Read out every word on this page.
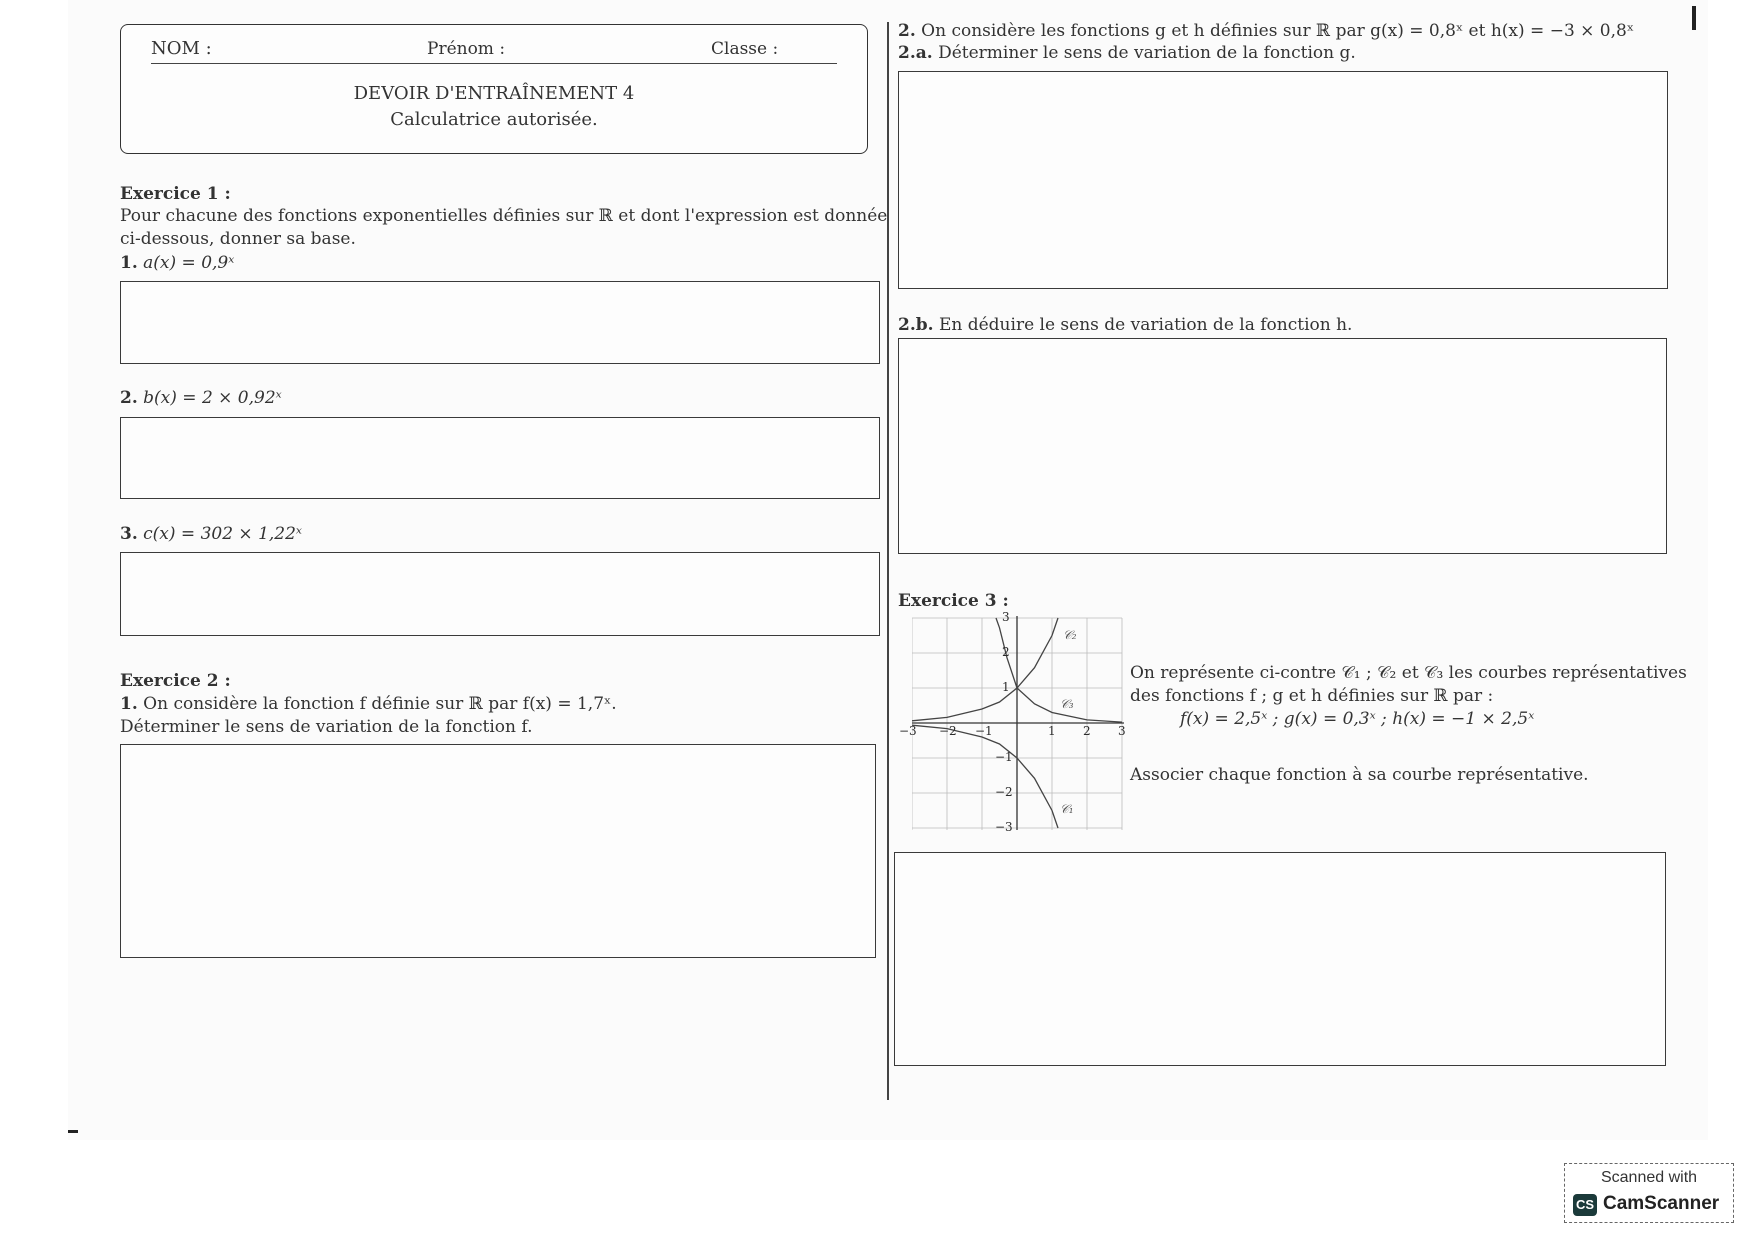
NOM :	Prénom :	Classe :
DEVOIR D'ENTRAÎNEMENT 4
Calculatrice autorisée.
Exercice 1 :
Pour chacune des fonctions exponentielles définies sur ℝ et dont l'expression est donnée
ci-dessous, donner sa base.
1. a(x) = 0,9ˣ
2. b(x) = 2 × 0,92ˣ
3. c(x) = 302 × 1,22ˣ
Exercice 2 :
1. On considère la fonction f définie sur ℝ par f(x) = 1,7ˣ.
Déterminer le sens de variation de la fonction f.
2. On considère les fonctions g et h définies sur ℝ par g(x) = 0,8ˣ et h(x) = −3 × 0,8ˣ
2.a. Déterminer le sens de variation de la fonction g.
2.b. En déduire le sens de variation de la fonction h.
Exercice 3 :
−3 −2 −1	1 2 3
3
2
1
−1
−2
−3
𝒞₂
𝒞₃
𝒞₁
On représente ci-contre 𝒞₁ ; 𝒞₂ et 𝒞₃ les courbes représentatives
des fonctions f ; g et h définies sur ℝ par :
f(x) = 2,5ˣ ; g(x) = 0,3ˣ ; h(x) = −1 × 2,5ˣ
Associer chaque fonction à sa courbe représentative.
Scanned with
CS CamScanner
